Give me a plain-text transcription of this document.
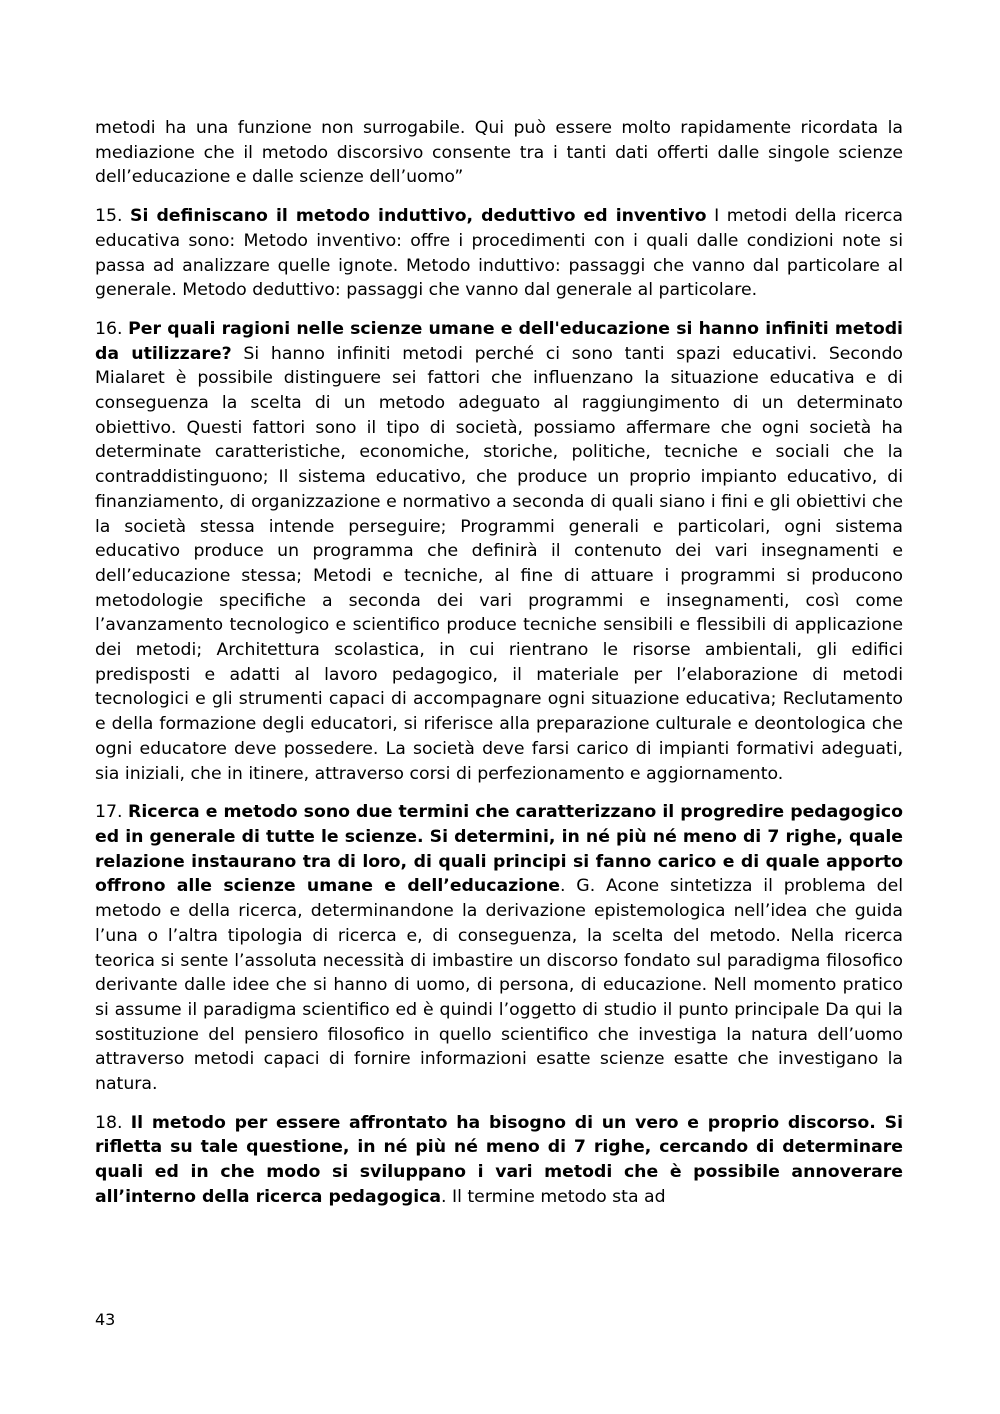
metodi ha una funzione non surrogabile. Qui può essere molto rapidamente ricordata la mediazione che il metodo discorsivo consente tra i tanti dati offerti dalle singole scienze dell’educazione e dalle scienze dell’uomo”

15. Si definiscano il metodo induttivo, deduttivo ed inventivo I metodi della ricerca educativa sono: Metodo inventivo: offre i procedimenti con i quali dalle condizioni note si passa ad analizzare quelle ignote. Metodo induttivo: passaggi che vanno dal particolare al generale. Metodo deduttivo: passaggi che vanno dal generale al particolare.

16. Per quali ragioni nelle scienze umane e dell'educazione si hanno infiniti metodi da utilizzare? Si hanno infiniti metodi perché ci sono tanti spazi educativi. Secondo Mialaret è possibile distinguere sei fattori che influenzano la situazione educativa e di conseguenza la scelta di un metodo adeguato al raggiungimento di un determinato obiettivo. Questi fattori sono il tipo di società, possiamo affermare che ogni società ha determinate caratteristiche, economiche, storiche, politiche, tecniche e sociali che la contraddistinguono; Il sistema educativo, che produce un proprio impianto educativo, di finanziamento, di organizzazione e normativo a seconda di quali siano i fini e gli obiettivi che la società stessa intende perseguire; Programmi generali e particolari, ogni sistema educativo produce un programma che definirà il contenuto dei vari insegnamenti e dell’educazione stessa; Metodi e tecniche, al fine di attuare i programmi si producono metodologie specifiche a seconda dei vari programmi e insegnamenti, così come l’avanzamento tecnologico e scientifico produce tecniche sensibili e flessibili di applicazione dei metodi; Architettura scolastica, in cui rientrano le risorse ambientali, gli edifici predisposti e adatti al lavoro pedagogico, il materiale per l’elaborazione di metodi tecnologici e gli strumenti capaci di accompagnare ogni situazione educativa; Reclutamento e della formazione degli educatori, si riferisce alla preparazione culturale e deontologica che ogni educatore deve possedere. La società deve farsi carico di impianti formativi adeguati, sia iniziali, che in itinere, attraverso corsi di perfezionamento e aggiornamento.

17. Ricerca e metodo sono due termini che caratterizzano il progredire pedagogico ed in generale di tutte le scienze. Si determini, in né più né meno di 7 righe, quale relazione instaurano tra di loro, di quali principi si fanno carico e di quale apporto offrono alle scienze umane e dell’educazione. G. Acone sintetizza il problema del metodo e della ricerca, determinandone la derivazione epistemologica nell’idea che guida l’una o l’altra tipologia di ricerca e, di conseguenza, la scelta del metodo. Nella ricerca teorica si sente l’assoluta necessità di imbastire un discorso fondato sul paradigma filosofico derivante dalle idee che si hanno di uomo, di persona, di educazione. Nell momento pratico si assume il paradigma scientifico ed è quindi l’oggetto di studio il punto principale Da qui la sostituzione del pensiero filosofico in quello scientifico che investiga la natura dell’uomo attraverso metodi capaci di fornire informazioni esatte scienze esatte che investigano la natura.

18. Il metodo per essere affrontato ha bisogno di un vero e proprio discorso. Si rifletta su tale questione, in né più né meno di 7 righe, cercando di determinare quali ed in che modo si sviluppano i vari metodi che è possibile annoverare all’interno della ricerca pedagogica. Il termine metodo sta ad

43
